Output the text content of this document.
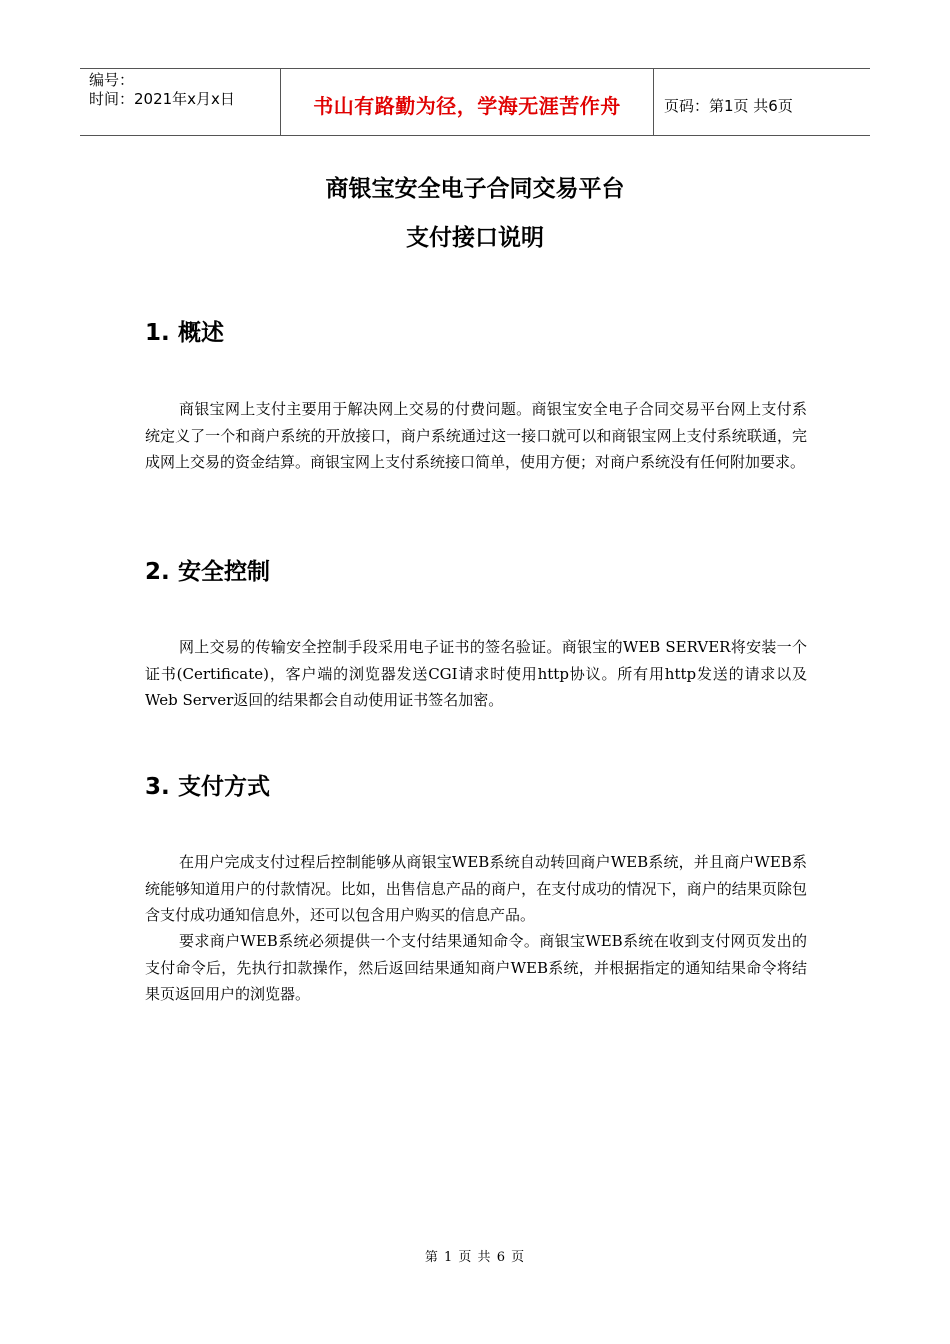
编号：
时间：2021年x月x日	书山有路勤为径，学海无涯苦作舟	页码：第1页 共6页
商银宝安全电子合同交易平台
支付接口说明
1. 概述

商银宝网上支付主要用于解决网上交易的付费问题。商银宝安全电子合同交易平台网上支付系统定义了一个和商户系统的开放接口，商户系统通过这一接口就可以和商银宝网上支付系统联通，完成网上交易的资金结算。商银宝网上支付系统接口简单，使用方便；对商户系统没有任何附加要求。

2. 安全控制

网上交易的传输安全控制手段采用电子证书的签名验证。商银宝的WEB SERVER将安装一个证书(Certificate)，客户端的浏览器发送CGI请求时使用http协议。所有用http发送的请求以及Web Server返回的结果都会自动使用证书签名加密。

3. 支付方式

在用户完成支付过程后控制能够从商银宝WEB系统自动转回商户WEB系统，并且商户WEB系统能够知道用户的付款情况。比如，出售信息产品的商户，在支付成功的情况下，商户的结果页除包含支付成功通知信息外，还可以包含用户购买的信息产品。

要求商户WEB系统必须提供一个支付结果通知命令。商银宝WEB系统在收到支付网页发出的支付命令后，先执行扣款操作，然后返回结果通知商户WEB系统，并根据指定的通知结果命令将结果页返回用户的浏览器。

第 1 页 共 6 页
